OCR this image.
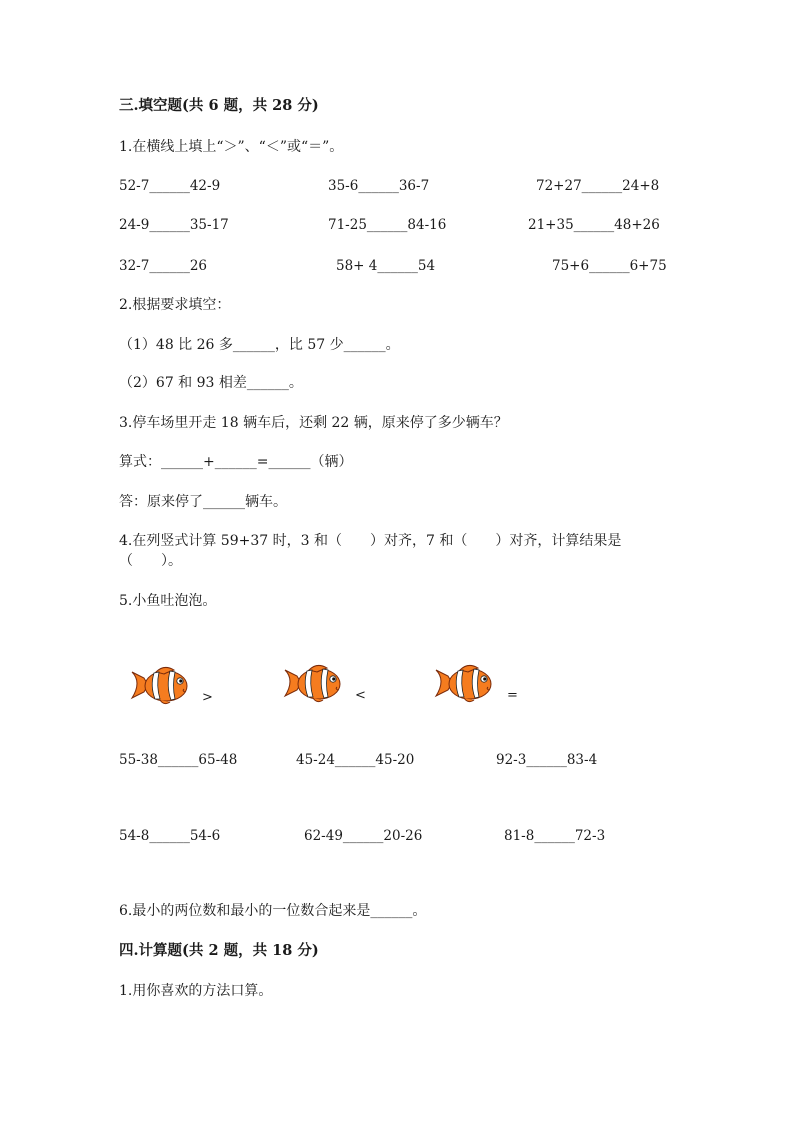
三.填空题(共 6 题，共 28 分)
1.在横线上填上“＞”、“＜”或“＝”。
52-7______42-9	35-6______36-7	72+27______24+8
24-9______35-17	71-25______84-16	21+35______48+26
32-7______26	58+ 4______54	75+6______6+75
2.根据要求填空：
（1）48 比 26 多______，比 57 少______。
（2）67 和 93 相差______。
3.停车场里开走 18 辆车后，还剩 22 辆，原来停了多少辆车？
算式：______+______=______（辆）
答：原来停了______辆车。
4.在列竖式计算 59+37 时，3 和（　　）对齐，7 和（　　）对齐，计算结果是
（　　）。
5.小鱼吐泡泡。
>	<	=
55-38______65-48	45-24______45-20	92-3______83-4
54-8______54-6	62-49______20-26	81-8______72-3
6.最小的两位数和最小的一位数合起来是______。
四.计算题(共 2 题，共 18 分)
1.用你喜欢的方法口算。
